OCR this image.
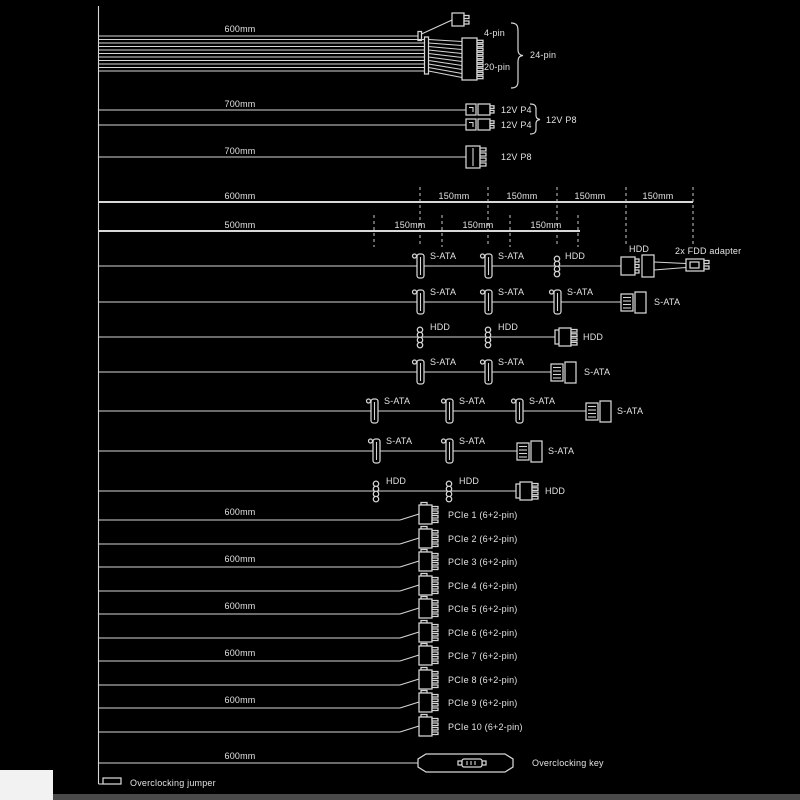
600mm	4-pin
20-pin
24-pin
700mm
12V P4
12V P4 12V P8
700mm
12V P8
600mm	150mm	150mm	150mm	150mm
500mm	150mm	150mm	150mm
S-ATA	S-ATA	HDD
HDD	2x FDD adapter
S-ATA	S-ATA	S-ATA
S-ATA
HDD	HDD
HDD
S-ATA	S-ATA
S-ATA
S-ATA	S-ATA	S-ATA
S-ATA
S-ATA	S-ATA
S-ATA
HDD	HDD
HDD
600mm	PCIe 1 (6+2-pin)
PCIe 2 (6+2-pin)
600mm	PCIe 3 (6+2-pin)
PCIe 4 (6+2-pin)
600mm	PCIe 5 (6+2-pin)
PCIe 6 (6+2-pin)
600mm	PCIe 7 (6+2-pin)
PCIe 8 (6+2-pin)
600mm	PCIe 9 (6+2-pin)
PCIe 10 (6+2-pin)
600mm
Overclocking key
Overclocking jumper
